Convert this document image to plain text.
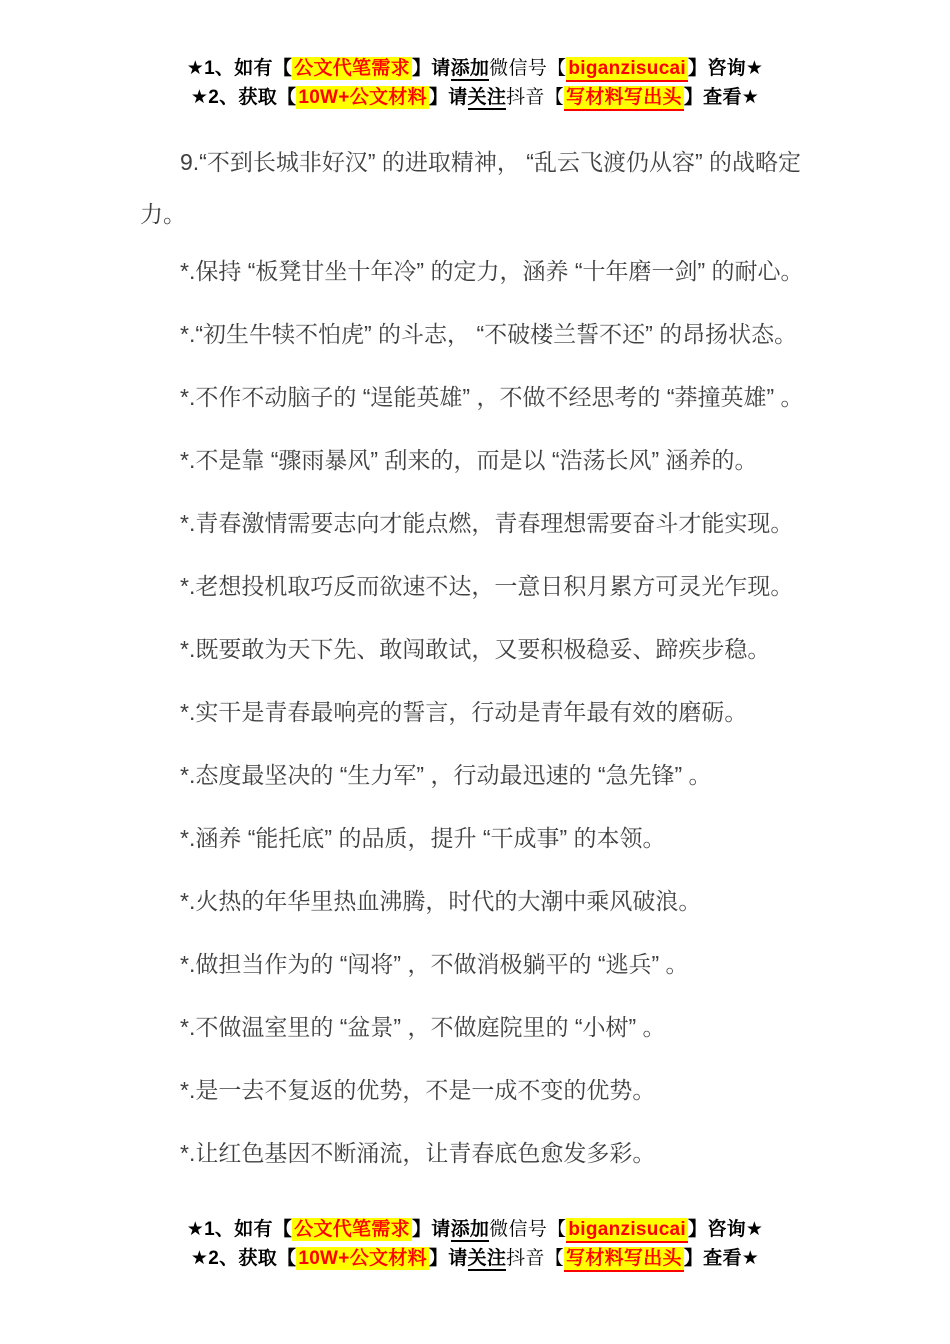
★1、如有【 公文代笔需求 】请添加微信号【 biganzisucai 】咨询★
★2、获取【 10W+公文材料 】请关注抖音【 写材料写出头 】查看★

9.“不到长城非好汉” 的进取精神， “乱云飞渡仍从容” 的战略定力。

*.保持 “板凳甘坐十年冷” 的定力，涵养 “十年磨一剑” 的耐心。

*.“初生牛犊不怕虎” 的斗志， “不破楼兰誓不还” 的昂扬状态。

*.不作不动脑子的 “逞能英雄” ，不做不经思考的 “莽撞英雄” 。

*.不是靠 “骤雨暴风” 刮来的，而是以 “浩荡长风” 涵养的。

*.青春激情需要志向才能点燃，青春理想需要奋斗才能实现。

*.老想投机取巧反而欲速不达，一意日积月累方可灵光乍现。

*.既要敢为天下先、敢闯敢试，又要积极稳妥、蹄疾步稳。

*.实干是青春最响亮的誓言，行动是青年最有效的磨砺。

*.态度最坚决的 “生力军” ，行动最迅速的 “急先锋” 。

*.涵养 “能托底” 的品质，提升 “干成事” 的本领。

*.火热的年华里热血沸腾，时代的大潮中乘风破浪。

*.做担当作为的 “闯将” ，不做消极躺平的 “逃兵” 。

*.不做温室里的 “盆景” ，不做庭院里的 “小树” 。

*.是一去不复返的优势，不是一成不变的优势。

*.让红色基因不断涌流，让青春底色愈发多彩。

★1、如有【 公文代笔需求 】请添加微信号【 biganzisucai 】咨询★
★2、获取【 10W+公文材料 】请关注抖音【 写材料写出头 】查看★
